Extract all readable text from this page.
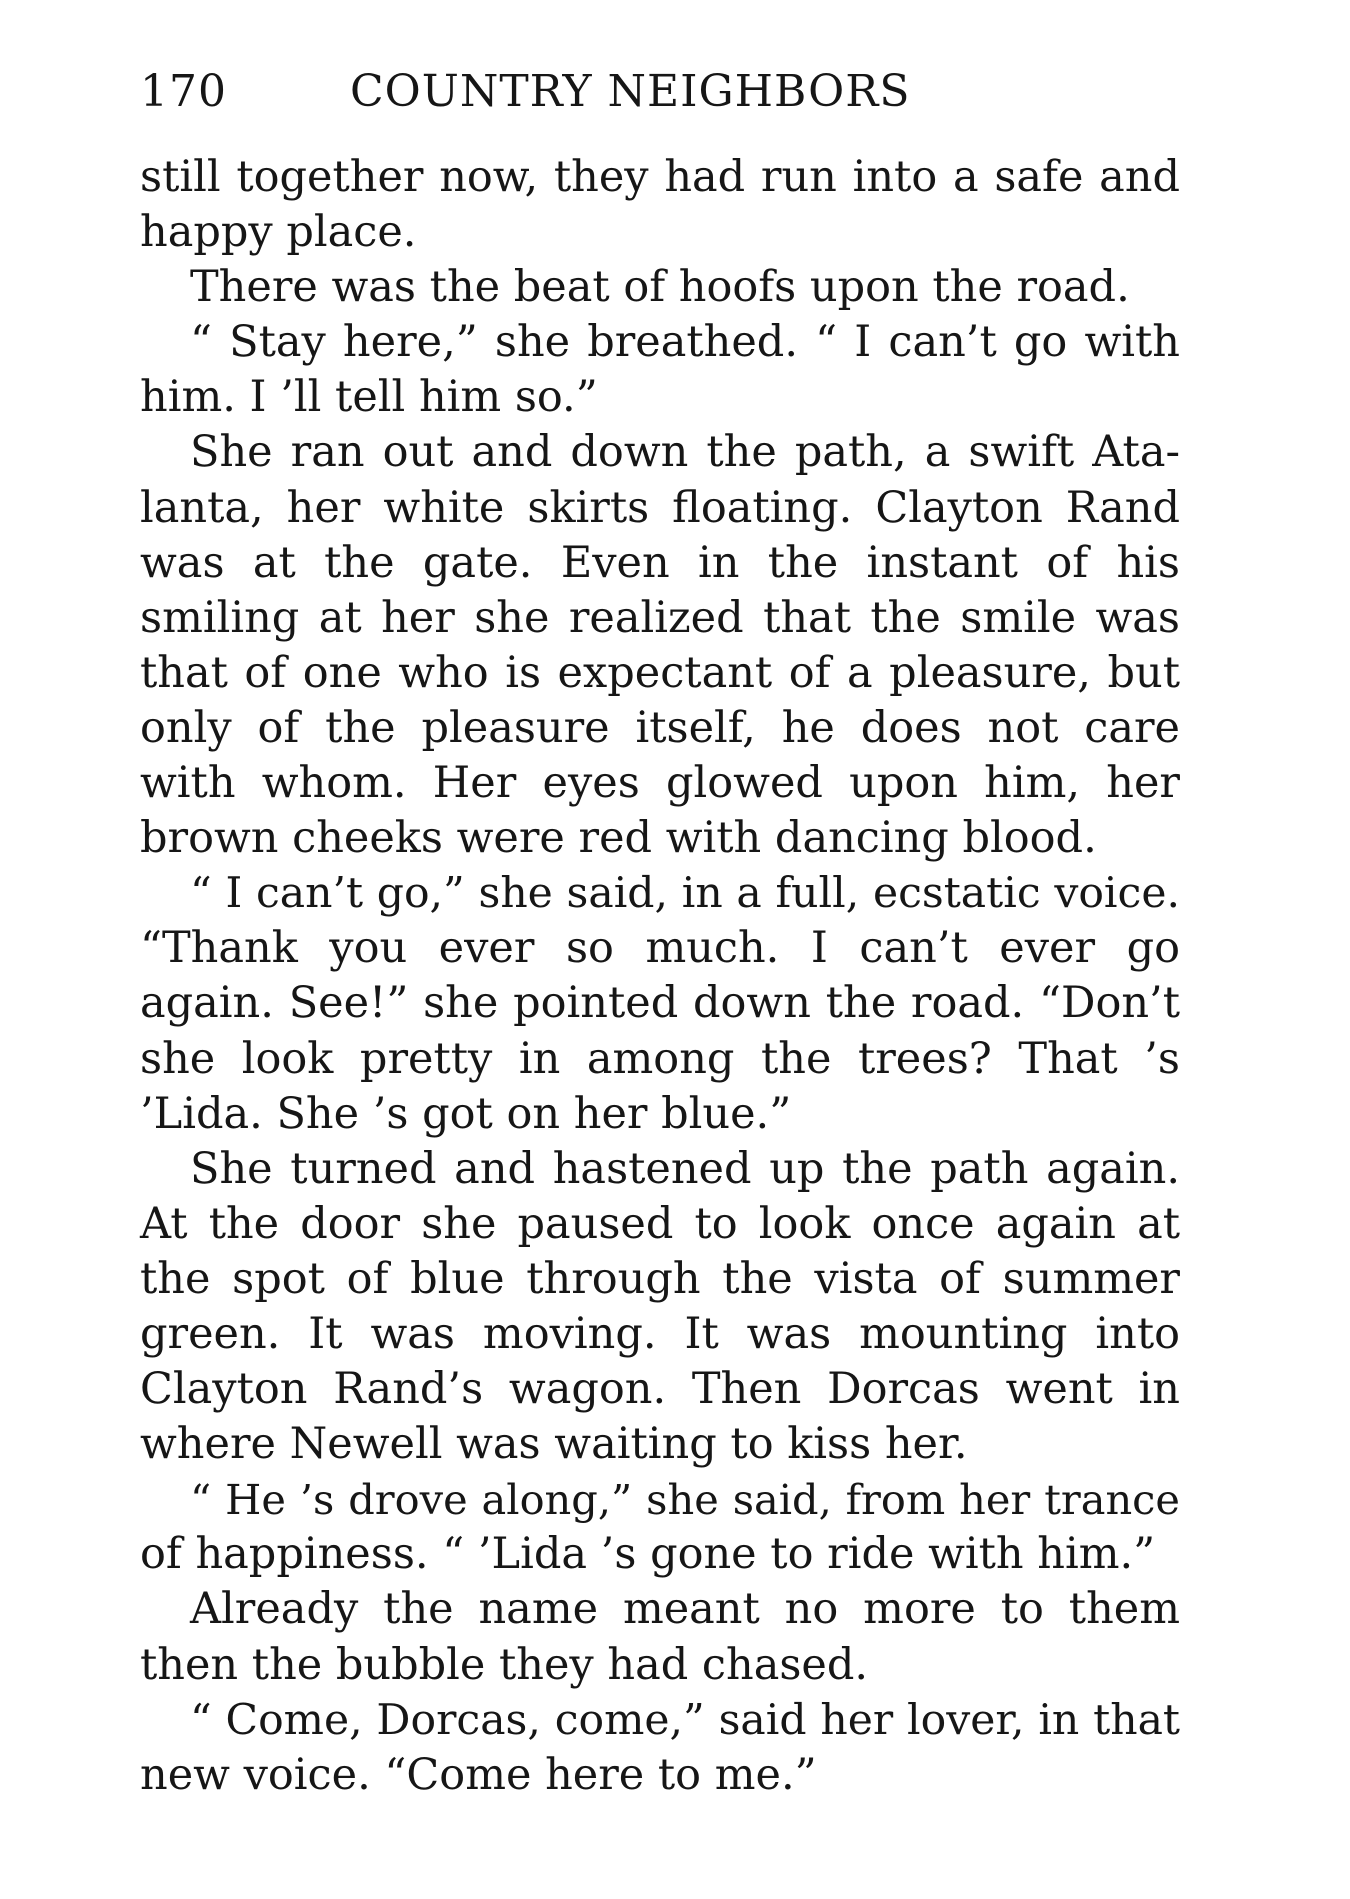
170	COUNTRY NEIGHBORS
still together now, they had run into a safe and
happy place.
There was the beat of hoofs upon the road.
“ Stay here,” she breathed. “ I can’t go with
him. I ’ll tell him so.”
She ran out and down the path, a swift Ata-
lanta, her white skirts floating. Clayton Rand
was at the gate. Even in the instant of his
smiling at her she realized that the smile was
that of one who is expectant of a pleasure, but
only of the pleasure itself, he does not care
with whom. Her eyes glowed upon him, her
brown cheeks were red with dancing blood.
“ I can’t go,” she said, in a full, ecstatic voice.
“Thank you ever so much. I can’t ever go
again. See!” she pointed down the road. “Don’t
she look pretty in among the trees? That ’s
’Lida. She ’s got on her blue.”
She turned and hastened up the path again.
At the door she paused to look once again at
the spot of blue through the vista of summer
green. It was moving. It was mounting into
Clayton Rand’s wagon. Then Dorcas went in
where Newell was waiting to kiss her.
“ He ’s drove along,” she said, from her trance
of happiness. “ ’Lida ’s gone to ride with him.”
Already the name meant no more to them
then the bubble they had chased.
“ Come, Dorcas, come,” said her lover, in that
new voice. “Come here to me.”
